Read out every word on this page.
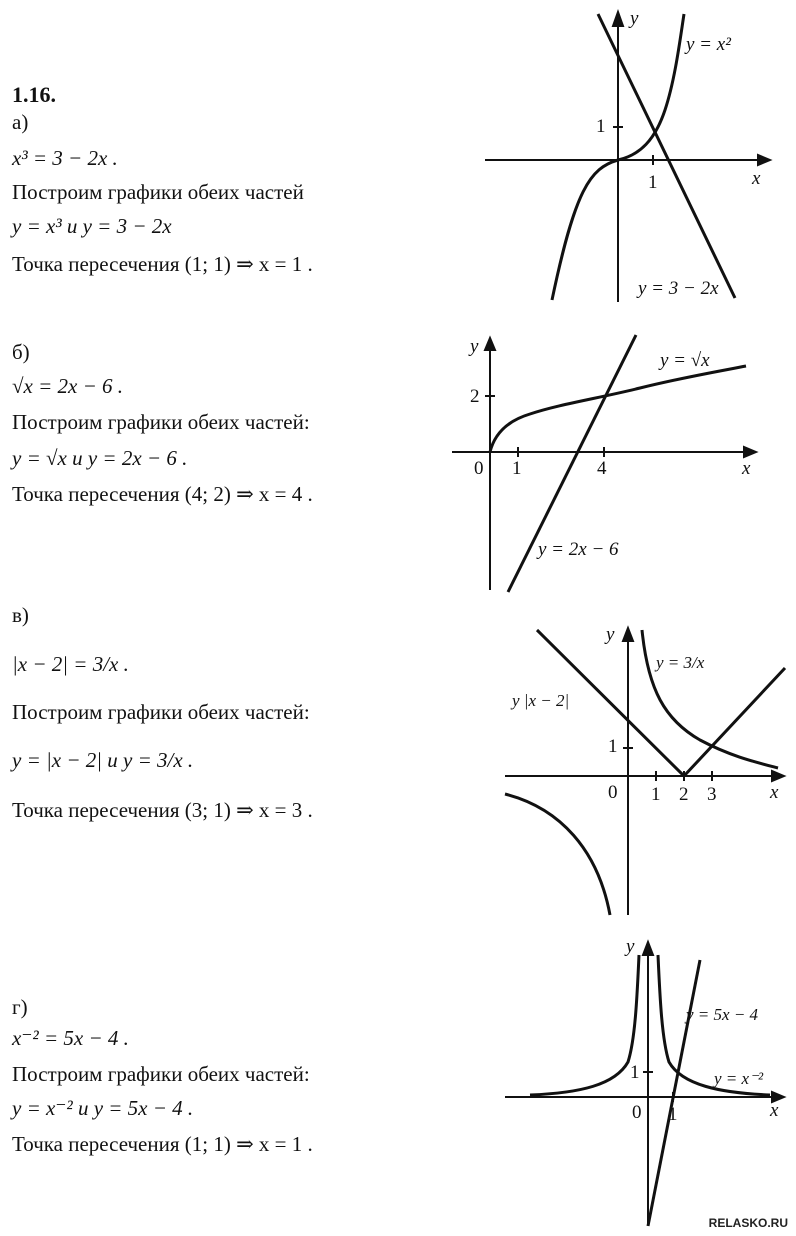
1.16.
а)
x³ = 3 − 2x .
Построим графики обеих частей
y = x³ и y = 3 − 2x
Точка пересечения (1; 1) ⇒ x = 1 .
б)
√x = 2x − 6 .
Построим графики обеих частей:
y = √x и y = 2x − 6 .
Точка пересечения (4; 2) ⇒ x = 4 .
в)
|x − 2| = 3/x .
Построим графики обеих частей:
y = |x − 2| и y = 3/x .
Точка пересечения (3; 1) ⇒ x = 3 .
г)
x⁻² = 5x − 4 .
Построим графики обеих частей:
y = x⁻² и y = 5x − 4 .
Точка пересечения (1; 1) ⇒ x = 1 .
1
1	x
y
y = x²
y = 3 − 2x
2
0 1	4	x
y
y = √x
y = 2x − 6
1
0 1 2 3	x
y
y = 3/x
y |x − 2|
1
0 1	x
y
y = 5x − 4
y = x⁻²
RELASKO.RU
